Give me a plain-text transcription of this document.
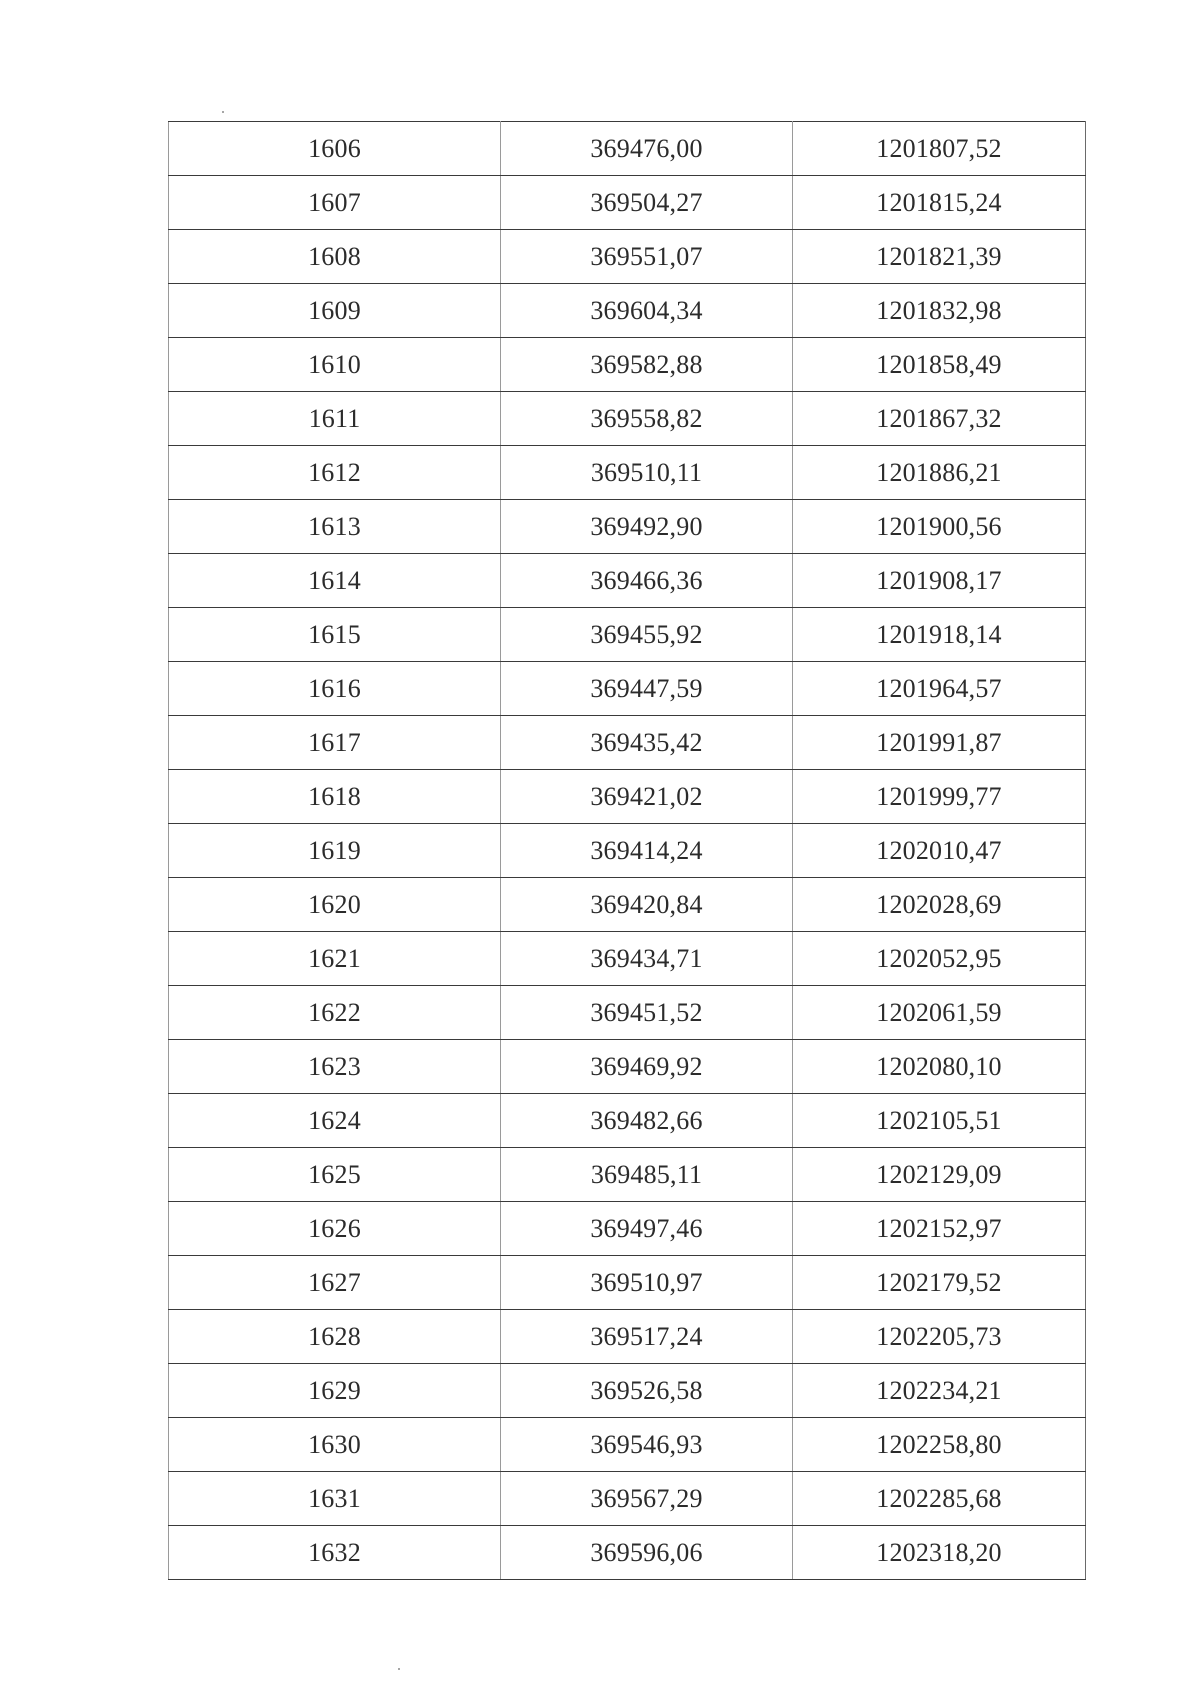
1606	369476,00	1201807,52
1607	369504,27	1201815,24
1608	369551,07	1201821,39
1609	369604,34	1201832,98
1610	369582,88	1201858,49
1611	369558,82	1201867,32
1612	369510,11	1201886,21
1613	369492,90	1201900,56
1614	369466,36	1201908,17
1615	369455,92	1201918,14
1616	369447,59	1201964,57
1617	369435,42	1201991,87
1618	369421,02	1201999,77
1619	369414,24	1202010,47
1620	369420,84	1202028,69
1621	369434,71	1202052,95
1622	369451,52	1202061,59
1623	369469,92	1202080,10
1624	369482,66	1202105,51
1625	369485,11	1202129,09
1626	369497,46	1202152,97
1627	369510,97	1202179,52
1628	369517,24	1202205,73
1629	369526,58	1202234,21
1630	369546,93	1202258,80
1631	369567,29	1202285,68
1632	369596,06	1202318,20
